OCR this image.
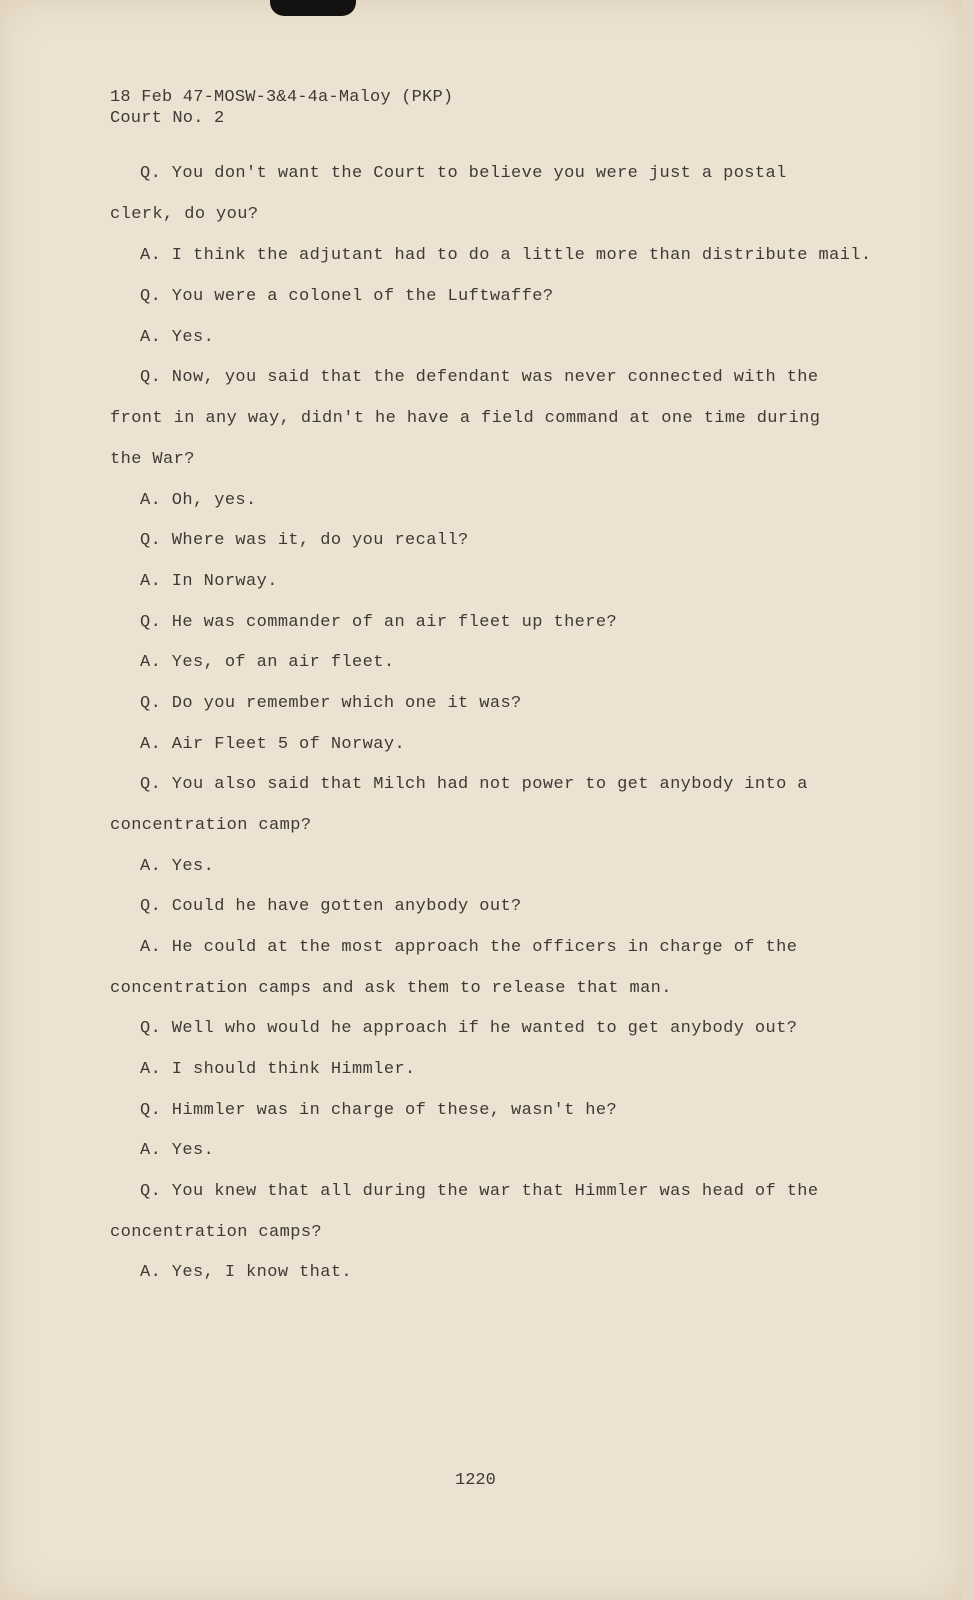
18 Feb 47-MOSW-3&4-4a-Maloy (PKP)
Court No. 2
Q. You don't want the Court to believe you were just a postal
clerk, do you?
A. I think the adjutant had to do a little more than distribute mail.
Q. You were a colonel of the Luftwaffe?
A. Yes.
Q. Now, you said that the defendant was never connected with the
front in any way, didn't he have a field command at one time during
the War?
A. Oh, yes.
Q. Where was it, do you recall?
A. In Norway.
Q. He was commander of an air fleet up there?
A. Yes, of an air fleet.
Q. Do you remember which one it was?
A. Air Fleet 5 of Norway.
Q. You also said that Milch had not power to get anybody into a
concentration camp?
A. Yes.
Q. Could he have gotten anybody out?
A. He could at the most approach the officers in charge of the
concentration camps and ask them to release that man.
Q. Well who would he approach if he wanted to get anybody out?
A. I should think Himmler.
Q. Himmler was in charge of these, wasn't he?
A. Yes.
Q. You knew that all during the war that Himmler was head of the
concentration camps?
A. Yes, I know that.
1220
